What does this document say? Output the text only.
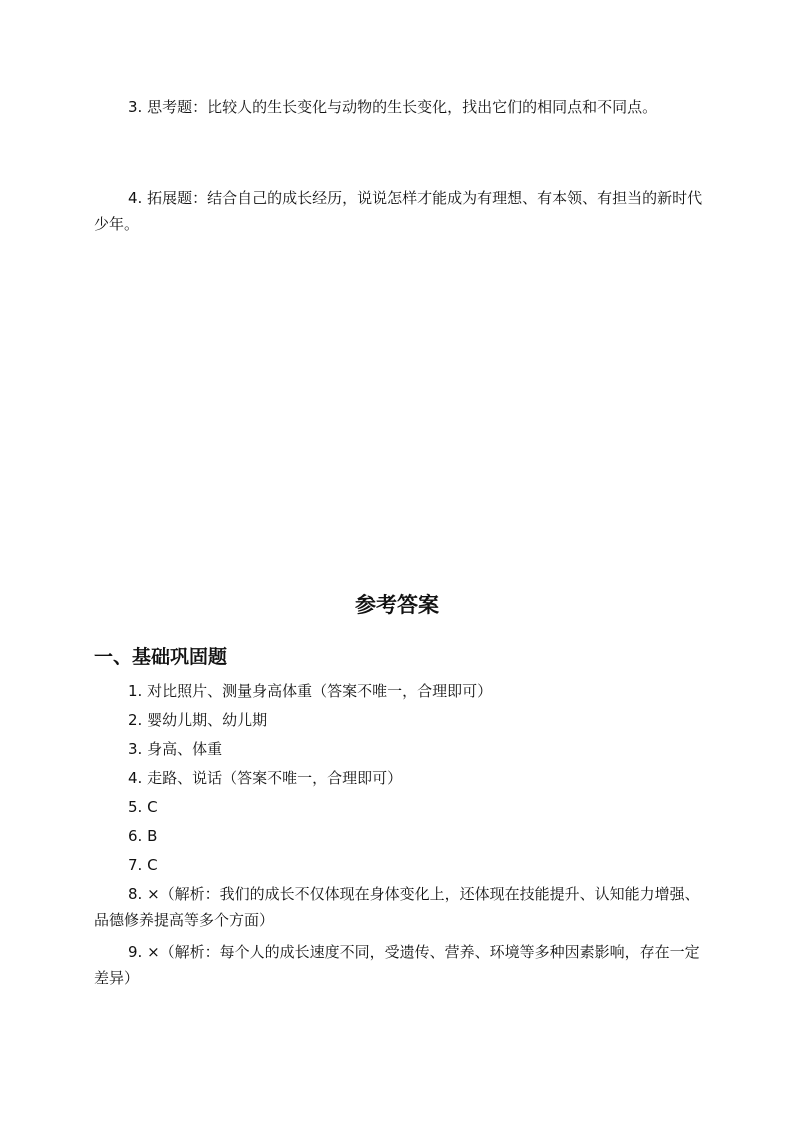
3. 思考题：比较人的生长变化与动物的生长变化，找出它们的相同点和不同点。

4. 拓展题：结合自己的成长经历，说说怎样才能成为有理想、有本领、有担当的新时代少年。

参考答案
一、基础巩固题
1. 对比照片、测量身高体重（答案不唯一，合理即可）
2. 婴幼儿期、幼儿期
3. 身高、体重
4. 走路、说话（答案不唯一，合理即可）
5. C
6. B
7. C
8. ×（解析：我们的成长不仅体现在身体变化上，还体现在技能提升、认知能力增强、品德修养提高等多个方面）
9. ×（解析：每个人的成长速度不同，受遗传、营养、环境等多种因素影响，存在一定差异）
